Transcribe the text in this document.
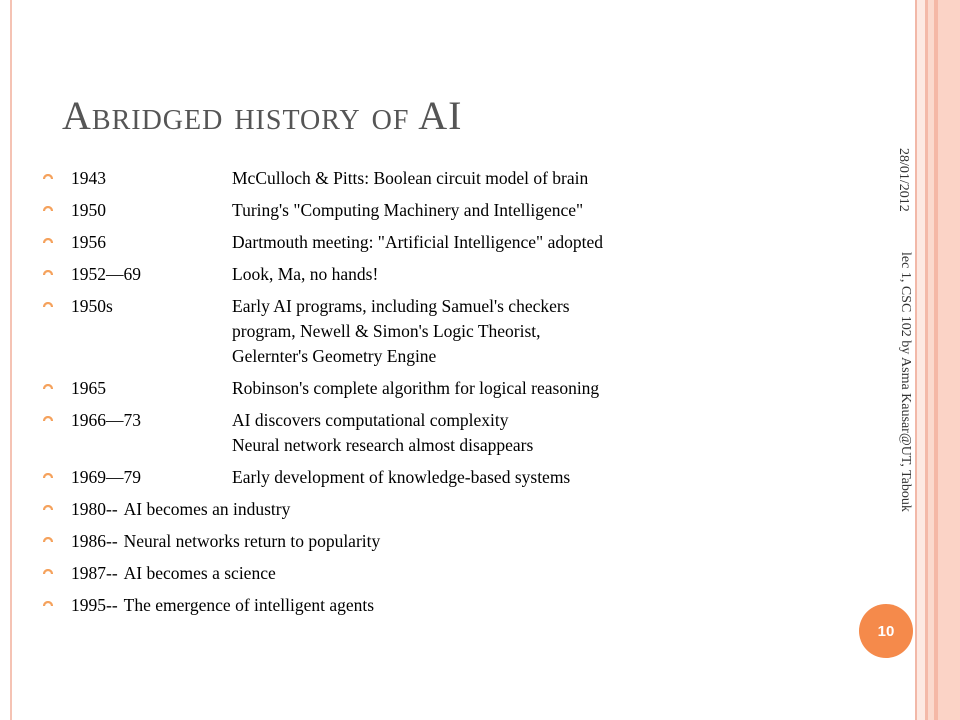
Abridged history of AI
1943	McCulloch & Pitts: Boolean circuit model of brain
1950	Turing's "Computing Machinery and Intelligence"
1956	Dartmouth meeting: "Artificial Intelligence" adopted
1952—69	Look, Ma, no hands!
1950s	Early AI programs, including Samuel's checkers
program, Newell & Simon's Logic Theorist,
Gelernter's Geometry Engine
1965	Robinson's complete algorithm for logical reasoning
1966—73	AI discovers computational complexity
Neural network research almost disappears
1969—79	Early development of knowledge-based systems
1980-- AI becomes an industry
1986-- Neural networks return to popularity
1987-- AI becomes a science
1995-- The emergence of intelligent agents
28/01/2012
lec 1, CSC 102 by Asma Kausar@UT, Tabouk
10
